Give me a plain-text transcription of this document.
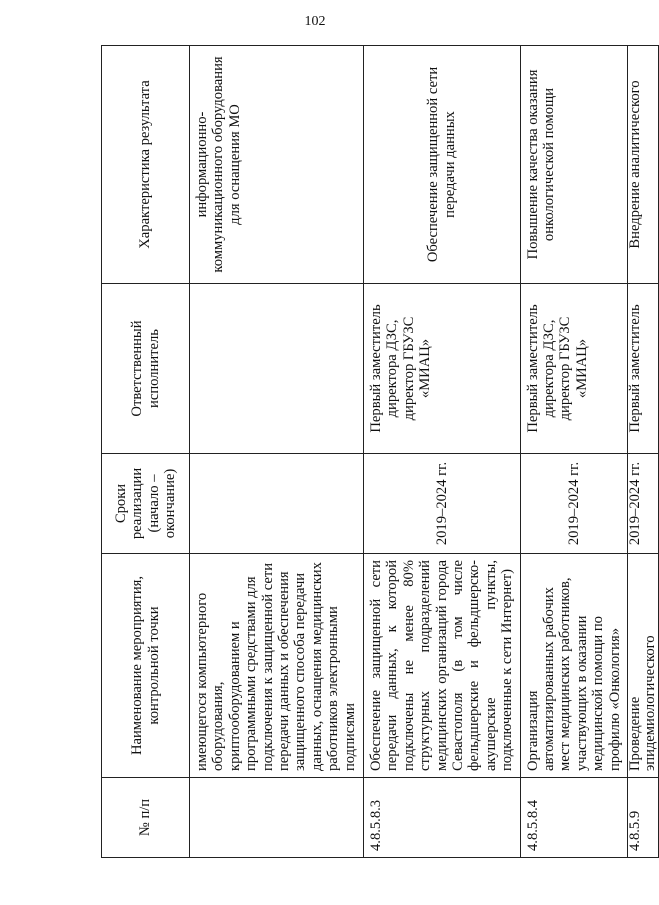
102
№ п/п	Наименование мероприятия, контрольной точки	Сроки реализации (начало – окончание)	Ответственный исполнитель	Характеристика результата
	имеющегося компьютерного оборудования, криптооборудованием и программными средствами для подключения к защищенной сети передачи данных и обеспечения защищенного способа передачи данных, оснащения медицинских работников электронными подписями			информационно-коммуникационного оборудования для оснащения МО
4.8.5.8.3	Обеспечение защищенной сети передачи данных, к которой подключены не менее 80% структурных подразделений медицинских организаций города Севастополя (в том числе фельдшерские и фельдшерско-акушерские пункты, подключенные к сети Интернет)	2019–2024 гг.	Первый заместитель директора ДЗС, директор ГБУЗС «МИАЦ»	Обеспечение защищенной сети передачи данных
4.8.5.8.4	Организация автоматизированных рабочих мест медицинских работников, участвующих в оказании медицинской помощи по профилю «Онкология»	2019–2024 гг.	Первый заместитель директора ДЗС, директор ГБУЗС «МИАЦ»	Повышение качества оказания онкологической помощи
4.8.5.9	Проведение эпидемиологического	2019–2024 гг.	Первый заместитель	Внедрение аналитического
